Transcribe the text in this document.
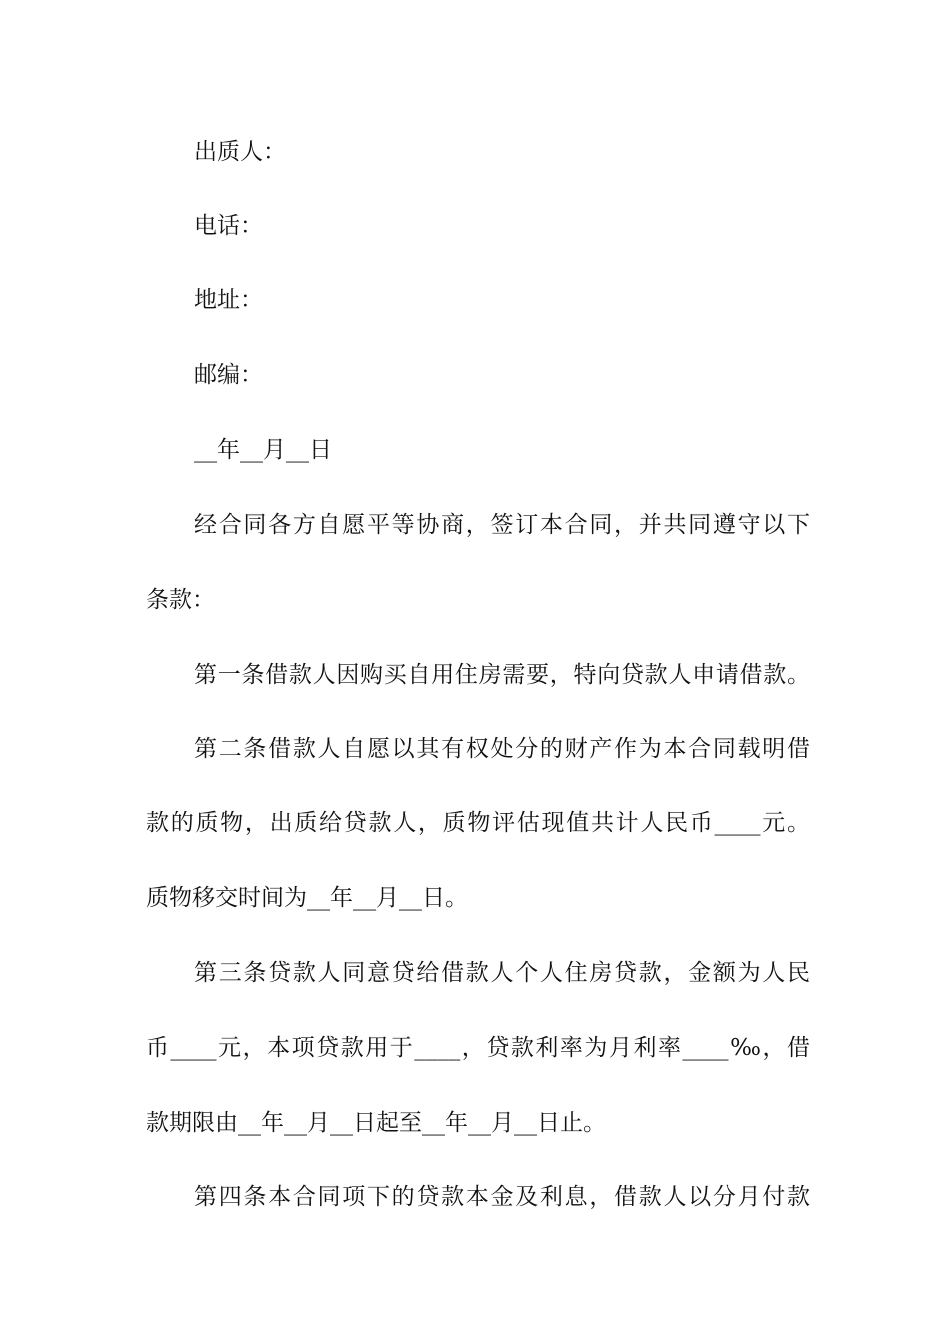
出质人：
电话：
地址：
邮编：
__年__月__日
经合同各方自愿平等协商，签订本合同，并共同遵守以下
条款：
第一条借款人因购买自用住房需要，特向贷款人申请借款。
第二条借款人自愿以其有权处分的财产作为本合同载明借
款的质物，出质给贷款人，质物评估现值共计人民币____元。
质物移交时间为__年__月__日。
第三条贷款人同意贷给借款人个人住房贷款，金额为人民
币____元，本项贷款用于____，贷款利率为月利率____‰，借
款期限由__年__月__日起至__年__月__日止。
第四条本合同项下的贷款本金及利息，借款人以分月付款
